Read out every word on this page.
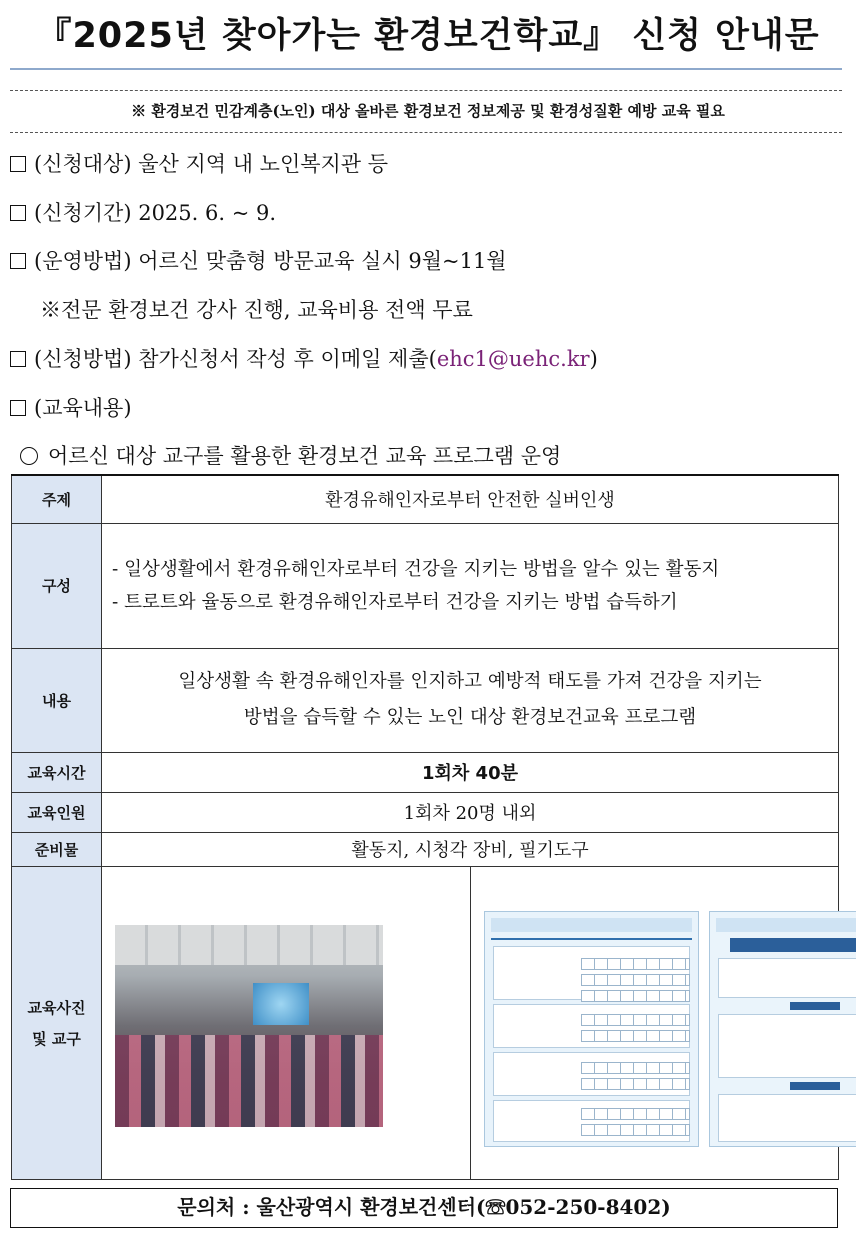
『2025년 찾아가는 환경보건학교』 신청 안내문
※ 환경보건 민감계층(노인) 대상 올바른 환경보건 정보제공 및 환경성질환 예방 교육 필요
(신청대상) 울산 지역 내 노인복지관 등
(신청기간) 2025. 6. ~ 9.
(운영방법) 어르신 맞춤형 방문교육 실시 9월~11월
※전문 환경보건 강사 진행, 교육비용 전액 무료
(신청방법) 참가신청서 작성 후 이메일 제출(ehc1@uehc.kr)
(교육내용)
어르신 대상 교구를 활용한 환경보건 교육 프로그램 운영
주제	환경유해인자로부터 안전한 실버인생	
구성	- 일상생활에서 환경유해인자로부터 건강을 지키는 방법을 알수 있는 활동지
- 트로트와 율동으로 환경유해인자로부터 건강을 지키는 방법 습득하기	

내용	일상생활 속 환경유해인자를 인지하고 예방적 태도를 가져 건강을 지키는
방법을 습득할 수 있는 노인 대상 환경보건교육 프로그램	

교육시간	1회차 40분	
교육인원	1회차 20명 내외	
준비물	활동지, 시청각 장비, 필기도구	

교육사진
및 교구		

문의처 : 울산광역시 환경보건센터(☏052-250-8402)
